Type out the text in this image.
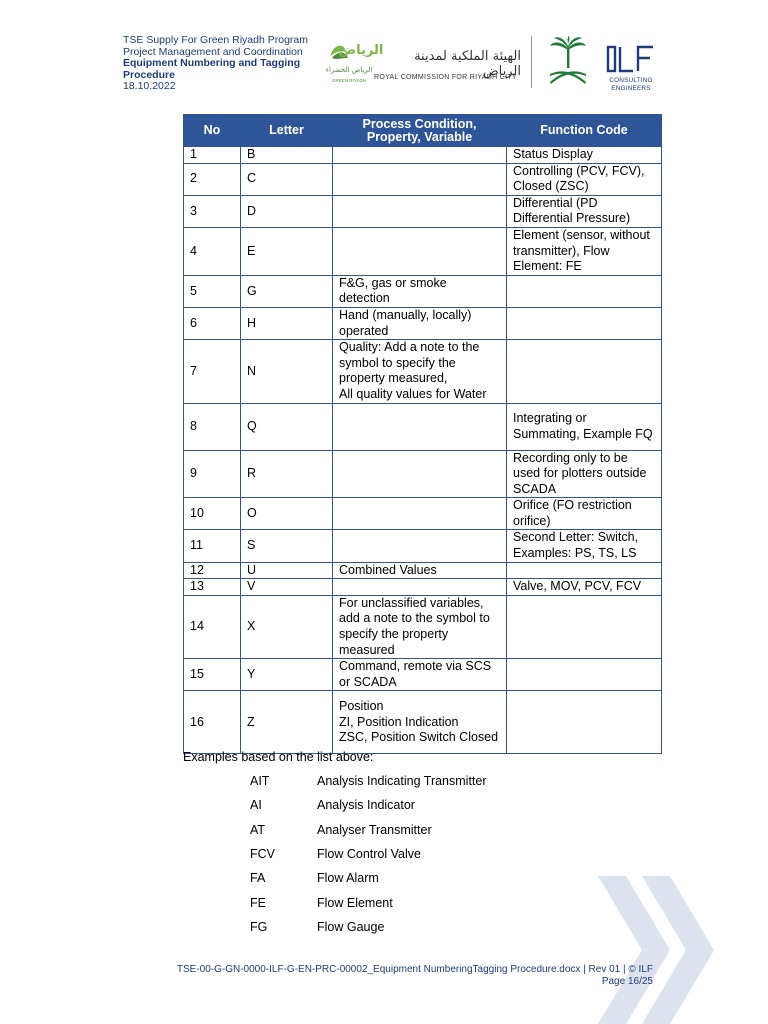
TSE Supply For Green Riyadh Program
Project Management and Coordination
Equipment Numbering and Tagging
Procedure
18.10.2022
الرياض
الرياض الخضراء
GREEN RIYADH
الهيئة الملكية لمدينة الرياض
ROYAL COMMISSION FOR RIYADH CITY	CONSULTING
ENGINEERS
No	Letter	Process Condition, Property, Variable	Function Code
1	B		Status Display
2	C		Controlling (PCV, FCV), Closed (ZSC)
3	D		Differential (PD Differential Pressure)
4	E		Element (sensor, without transmitter), Flow Element: FE
5	G	F&G, gas or smoke detection	
6	H	Hand (manually, locally) operated	
7	N	Quality: Add a note to the symbol to specify the property measured,
All quality values for Water	
8	Q		Integrating or Summating, Example FQ
9	R		Recording only to be used for plotters outside SCADA
10	O		Orifice (FO restriction orifice)
11	S		Second Letter: Switch, Examples: PS, TS, LS
12	U	Combined Values	
13	V		Valve, MOV, PCV, FCV
14	X	For unclassified variables, add a note to the symbol to specify the property measured	
15	Y	Command, remote via SCS or SCADA	
16	Z	Position
ZI, Position Indication
ZSC, Position Switch Closed	
Examples based on the list above:
AIT	Analysis Indicating Transmitter
AI	Analysis Indicator
AT	Analyser Transmitter
FCV	Flow Control Valve
FA	Flow Alarm
FE	Flow Element
FG	Flow Gauge
TSE-00-G-GN-0000-ILF-G-EN-PRC-00002_Equipment NumberingTagging Procedure.docx | Rev 01 | © ILF
Page 16/25
